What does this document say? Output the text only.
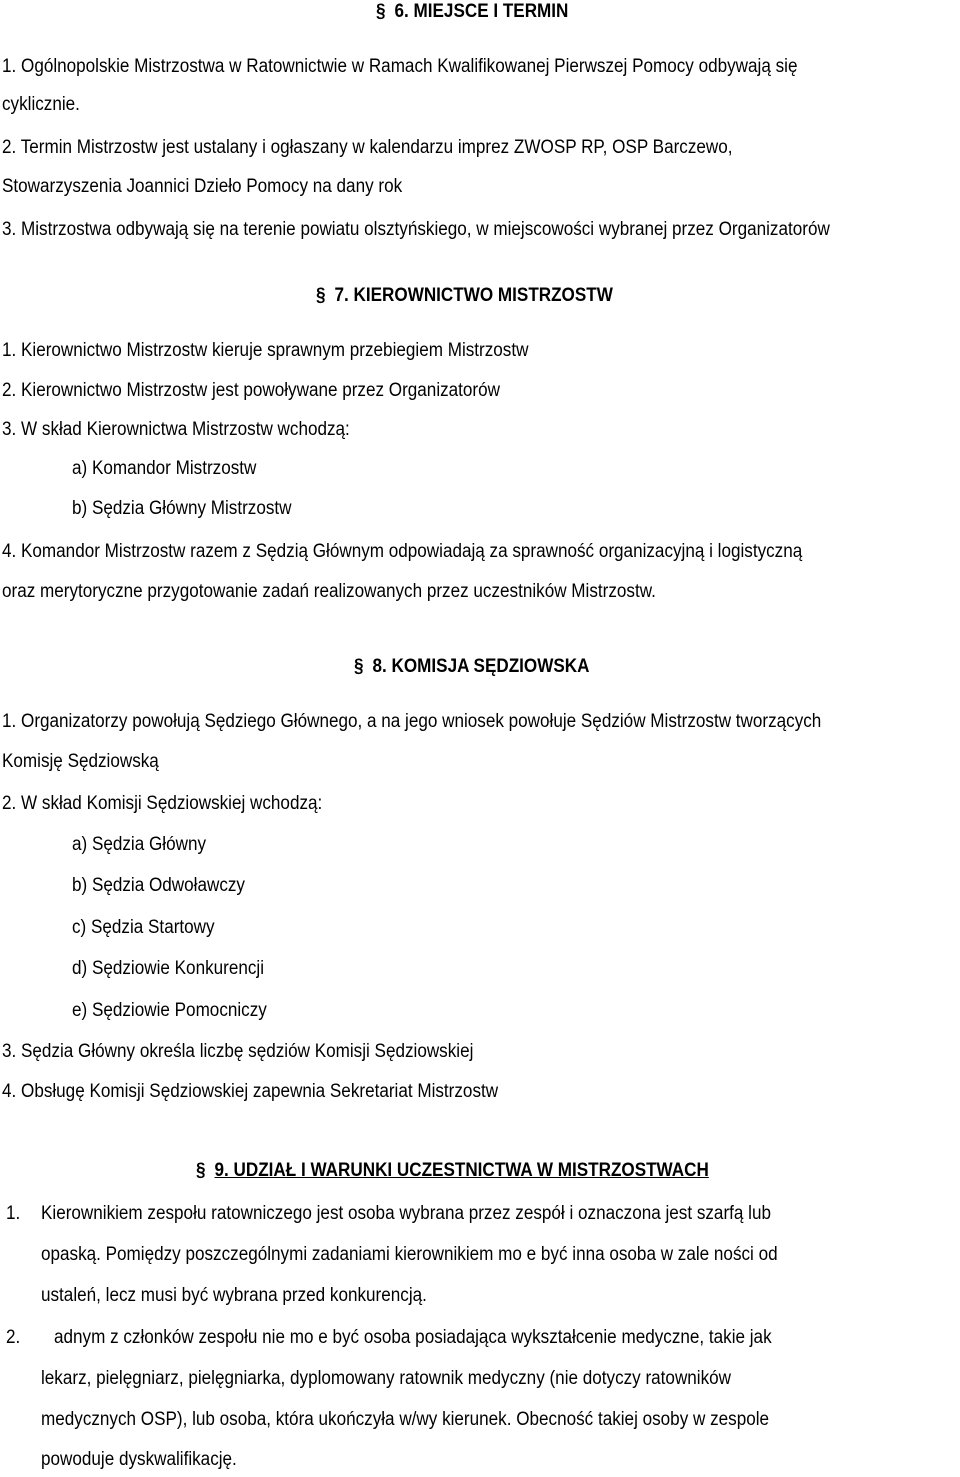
§ 6. MIEJSCE I TERMIN
1. Ogólnopolskie Mistrzostwa w Ratownictwie w Ramach Kwalifikowanej Pierwszej Pomocy odbywają się
cyklicznie.
2. Termin Mistrzostw jest ustalany i ogłaszany w kalendarzu imprez ZWOSP RP, OSP Barczewo,
Stowarzyszenia Joannici Dzieło Pomocy na dany rok
3. Mistrzostwa odbywają się na terenie powiatu olsztyńskiego, w miejscowości wybranej przez Organizatorów
§ 7. KIEROWNICTWO MISTRZOSTW
1. Kierownictwo Mistrzostw kieruje sprawnym przebiegiem Mistrzostw
2. Kierownictwo Mistrzostw jest powoływane przez Organizatorów
3. W skład Kierownictwa Mistrzostw wchodzą:
a) Komandor Mistrzostw
b) Sędzia Główny Mistrzostw
4. Komandor Mistrzostw razem z Sędzią Głównym odpowiadają za sprawność organizacyjną i logistyczną
oraz merytoryczne przygotowanie zadań realizowanych przez uczestników Mistrzostw.
§ 8. KOMISJA SĘDZIOWSKA
1. Organizatorzy powołują Sędziego Głównego, a na jego wniosek powołuje Sędziów Mistrzostw tworzących
Komisję Sędziowską
2. W skład Komisji Sędziowskiej wchodzą:
a) Sędzia Główny
b) Sędzia Odwoławczy
c) Sędzia Startowy
d) Sędziowie Konkurencji
e) Sędziowie Pomocniczy
3. Sędzia Główny określa liczbę sędziów Komisji Sędziowskiej
4. Obsługę Komisji Sędziowskiej zapewnia Sekretariat Mistrzostw
§ 9. UDZIAŁ I WARUNKI UCZESTNICTWA W MISTRZOSTWACH
1. Kierownikiem zespołu ratowniczego jest osoba wybrana przez zespół i oznaczona jest szarfą lub
opaską. Pomiędzy poszczególnymi zadaniami kierownikiem mo e być inna osoba w zale ności od
ustaleń, lecz musi być wybrana przed konkurencją.
2. adnym z członków zespołu nie mo e być osoba posiadająca wykształcenie medyczne, takie jak
lekarz, pielęgniarz, pielęgniarka, dyplomowany ratownik medyczny (nie dotyczy ratowników
medycznych OSP), lub osoba, która ukończyła w/wy kierunek. Obecność takiej osoby w zespole
powoduje dyskwalifikację.
